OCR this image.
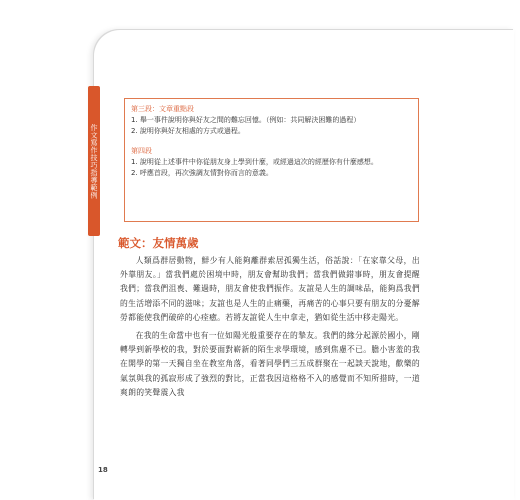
作文寫作技巧指導範例

第三段：文章重點段

1. 舉一事件說明你與好友之間的難忘回憶。（例如：共同解決困難的過程）
2. 說明你與好友相處的方式或過程。

第四段

1. 說明從上述事件中你從朋友身上學到什麼，或經過這次的經歷你有什麼感想。
2. 呼應首段，再次強調友情對你而言的意義。
範文：友情萬歲

人類爲群居動物，鮮少有人能夠離群索居孤獨生活，俗話說：「在家靠父母，出外靠朋友。」當我們處於困境中時，朋友會幫助我們；當我們做錯事時，朋友會提醒我們；當我們沮喪、難過時，朋友會使我們振作。友誼是人生的調味品，能夠爲我們的生活增添不同的滋味；友誼也是人生的止痛藥，再痛苦的心事只要有朋友的分憂解勞都能使我們破碎的心痊癒。若將友誼從人生中拿走，猶如從生活中移走陽光。

在我的生命當中也有一位如陽光般重要存在的摯友。我們的緣分起源於國小，剛轉學到新學校的我，對於要面對嶄新的陌生求學環境，感到焦慮不已。膽小害羞的我在開學的第一天獨自坐在教室角落，看著同學們三五成群聚在一起談天說地，歡樂的氣氛與我的孤寂形成了強烈的對比，正當我因這格格不入的感覺而不知所措時，一道爽朗的笑聲震入我

18
